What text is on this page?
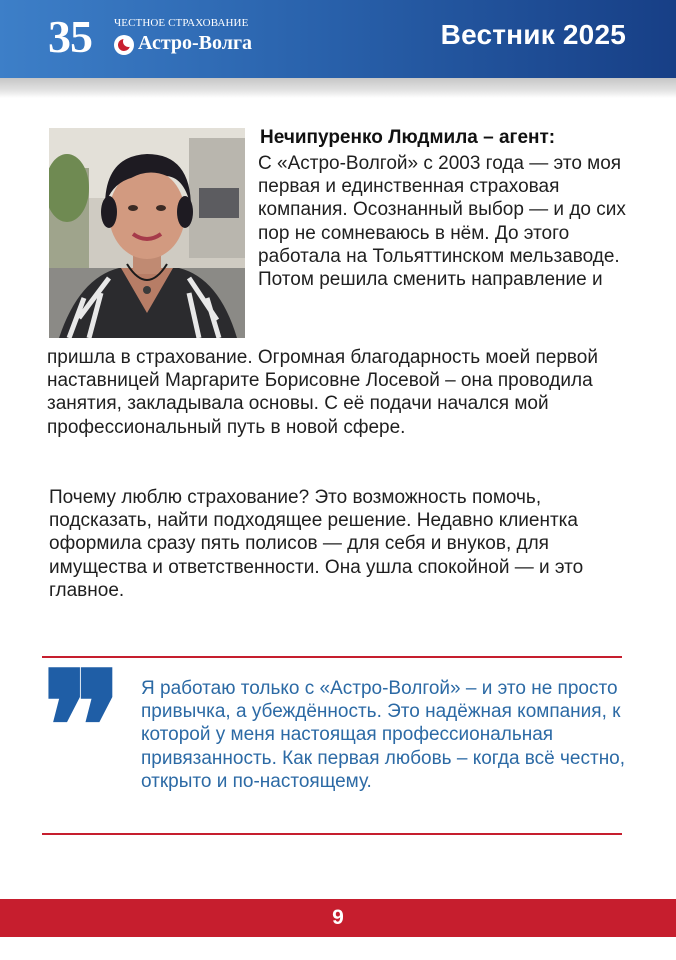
35 ЧЕСТНОЕ СТРАХОВАНИЕ
Астро-Волга	Вестник 2025
Нечипуренко Людмила – агент:
С «Астро-Волгой» с 2003 года — это моя первая и единственная страховая компания. Осознанный выбор — и до сих пор не сомневаюсь в нём. До этого работала на Тольяттинском мельзаводе. Потом решила сменить направление и
пришла в страхование. Огромная благодарность моей первой наставницей Маргарите Борисовне Лосевой – она проводила занятия, закладывала основы. С её подачи начался мой профессиональный путь в новой сфере.
Почему люблю страхование? Это возможность помочь, подсказать, найти подходящее решение. Недавно клиентка оформила сразу пять полисов — для себя и внуков, для имущества и ответственности. Она ушла спокойной — и это главное.
❞ Я работаю только с «Астро-Волгой» – и это не просто привычка, а убеждённость. Это надёжная компания, к которой у меня настоящая профессиональная привязанность. Как первая любовь – когда всё честно, открыто и по-настоящему.
9
